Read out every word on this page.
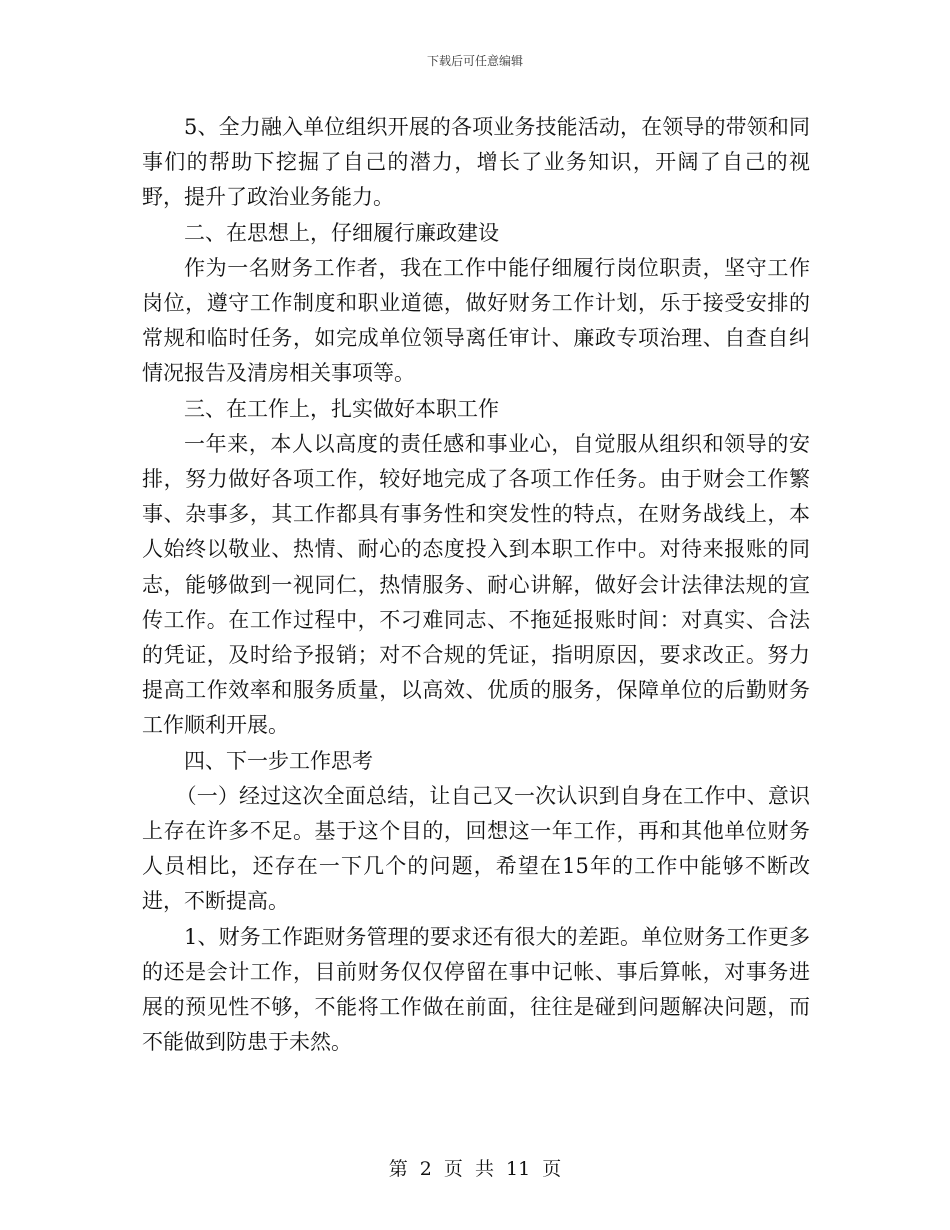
下载后可任意编辑

5、全力融入单位组织开展的各项业务技能活动，在领导的带领和同事们的帮助下挖掘了自己的潜力，增长了业务知识，开阔了自己的视野，提升了政治业务能力。

二、在思想上，仔细履行廉政建设

作为一名财务工作者，我在工作中能仔细履行岗位职责，坚守工作岗位，遵守工作制度和职业道德，做好财务工作计划，乐于接受安排的常规和临时任务，如完成单位领导离任审计、廉政专项治理、自查自纠情况报告及清房相关事项等。

三、在工作上，扎实做好本职工作

一年来，本人以高度的责任感和事业心，自觉服从组织和领导的安排，努力做好各项工作，较好地完成了各项工作任务。由于财会工作繁事、杂事多，其工作都具有事务性和突发性的特点，在财务战线上，本人始终以敬业、热情、耐心的态度投入到本职工作中。对待来报账的同志，能够做到一视同仁，热情服务、耐心讲解，做好会计法律法规的宣传工作。在工作过程中，不刁难同志、不拖延报账时间：对真实、合法的凭证，及时给予报销；对不合规的凭证，指明原因，要求改正。努力提高工作效率和服务质量，以高效、优质的服务，保障单位的后勤财务工作顺利开展。

四、下一步工作思考

（一）经过这次全面总结，让自己又一次认识到自身在工作中、意识上存在许多不足。基于这个目的，回想这一年工作，再和其他单位财务人员相比，还存在一下几个的问题，希望在15年的工作中能够不断改进，不断提高。

1、财务工作距财务管理的要求还有很大的差距。单位财务工作更多的还是会计工作，目前财务仅仅停留在事中记帐、事后算帐，对事务进展的预见性不够，不能将工作做在前面，往往是碰到问题解决问题，而不能做到防患于未然。

第 2 页 共 11 页
